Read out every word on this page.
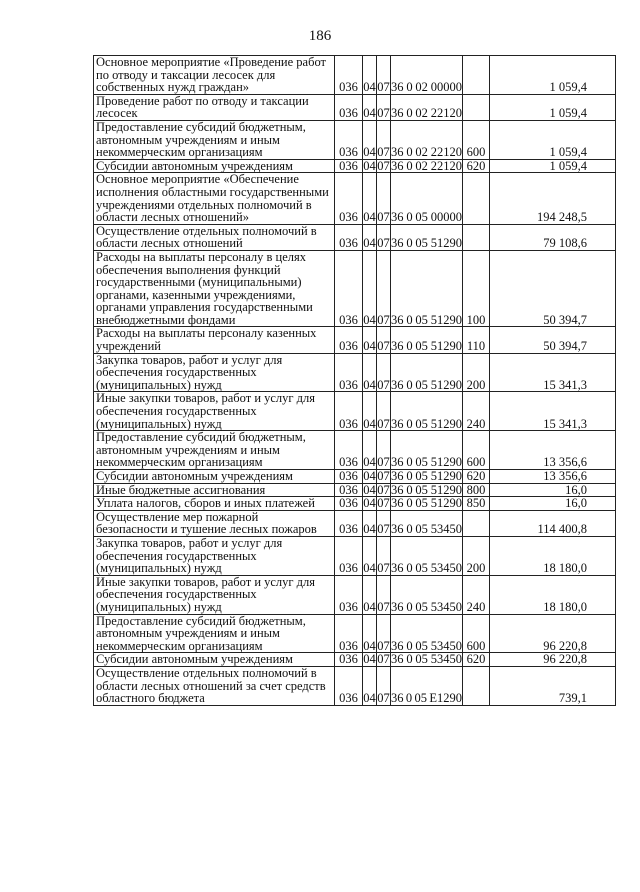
186
Основное мероприятие «Проведение работ по отводу и таксации лесосек для собственных нужд граждан»	036	04	07	36 0 02 00000		1 059,4
Проведение работ по отводу и таксации лесосек	036	04	07	36 0 02 22120		1 059,4
Предоставление субсидий бюджетным, автономным учреждениям и иным некоммерческим организациям	036	04	07	36 0 02 22120	600	1 059,4
Субсидии автономным учреждениям	036	04	07	36 0 02 22120	620	1 059,4
Основное мероприятие «Обеспечение исполнения областными государственными учреждениями отдельных полномочий в области лесных отношений»	036	04	07	36 0 05 00000		194 248,5
Осуществление отдельных полномочий в области лесных отношений	036	04	07	36 0 05 51290		79 108,6
Расходы на выплаты персоналу в целях обеспечения выполнения функций государственными (муниципальными) органами, казенными учреждениями, органами управления государственными внебюджетными фондами	036	04	07	36 0 05 51290	100	50 394,7
Расходы на выплаты персоналу казенных учреждений	036	04	07	36 0 05 51290	110	50 394,7
Закупка товаров, работ и услуг для обеспечения государственных (муниципальных) нужд	036	04	07	36 0 05 51290	200	15 341,3
Иные закупки товаров, работ и услуг для обеспечения государственных (муниципальных) нужд	036	04	07	36 0 05 51290	240	15 341,3
Предоставление субсидий бюджетным, автономным учреждениям и иным некоммерческим организациям	036	04	07	36 0 05 51290	600	13 356,6
Субсидии автономным учреждениям	036	04	07	36 0 05 51290	620	13 356,6
Иные бюджетные ассигнования	036	04	07	36 0 05 51290	800	16,0
Уплата налогов, сборов и иных платежей	036	04	07	36 0 05 51290	850	16,0
Осуществление мер пожарной безопасности и тушение лесных пожаров	036	04	07	36 0 05 53450		114 400,8
Закупка товаров, работ и услуг для обеспечения государственных (муниципальных) нужд	036	04	07	36 0 05 53450	200	18 180,0
Иные закупки товаров, работ и услуг для обеспечения государственных (муниципальных) нужд	036	04	07	36 0 05 53450	240	18 180,0
Предоставление субсидий бюджетным, автономным учреждениям и иным некоммерческим организациям	036	04	07	36 0 05 53450	600	96 220,8
Субсидии автономным учреждениям	036	04	07	36 0 05 53450	620	96 220,8
Осуществление отдельных полномочий в области лесных отношений за счет средств областного бюджета	036	04	07	36 0 05 Е1290		739,1
